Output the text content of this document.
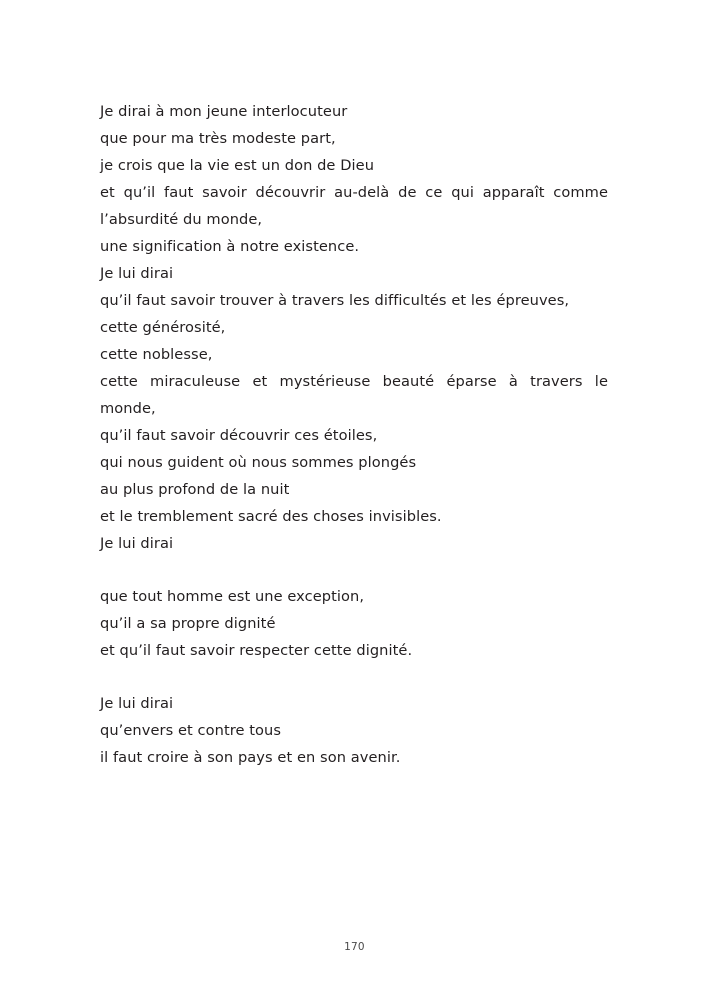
Je dirai à mon jeune interlocuteur
que pour ma très modeste part,
je crois que la vie est un don de Dieu
et qu’il faut savoir découvrir au-delà de ce qui apparaît comme l’absurdité du monde,
une signification à notre existence.
Je lui dirai
qu’il faut savoir trouver à travers les difficultés et les épreuves,
cette générosité,
cette noblesse,
cette miraculeuse et mystérieuse beauté éparse à travers le monde,
qu’il faut savoir découvrir ces étoiles,
qui nous guident où nous sommes plongés
au plus profond de la nuit
et le tremblement sacré des choses invisibles.
Je lui dirai
que tout homme est une exception,
qu’il a sa propre dignité
et qu’il faut savoir respecter cette dignité.
Je lui dirai
qu’envers et contre tous
il faut croire à son pays et en son avenir.
170
